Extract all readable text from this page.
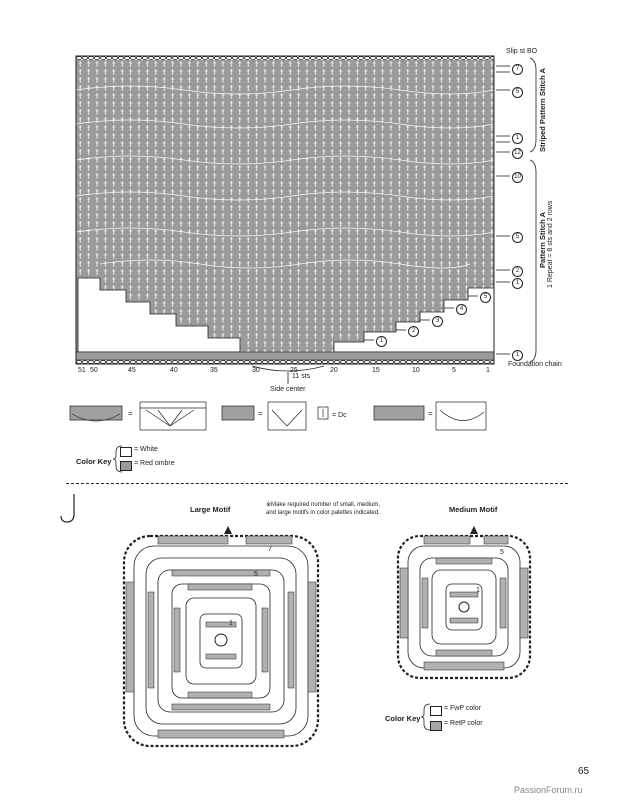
Slip st BO
Foundation chain
Striped Pattern Stitch A
Pattern Stitch A 1 Repeat = 8 sts and 2 rows
7
5
1
12
10
5
2
1
1
5
4
3
2
1
51 50	45	40	35	30	25	20	15	10	5	1
11 sts
Side center
=	=	=
= Dc
Color Key
= White
= Red ombre
Large Motif	Medium Motif
※Make required number of small, medium,
and large motifs in color palettes indicated.
7
5
1
5
1
Color Key
= FwP color
= RetP color
65
PassionForum.ru
